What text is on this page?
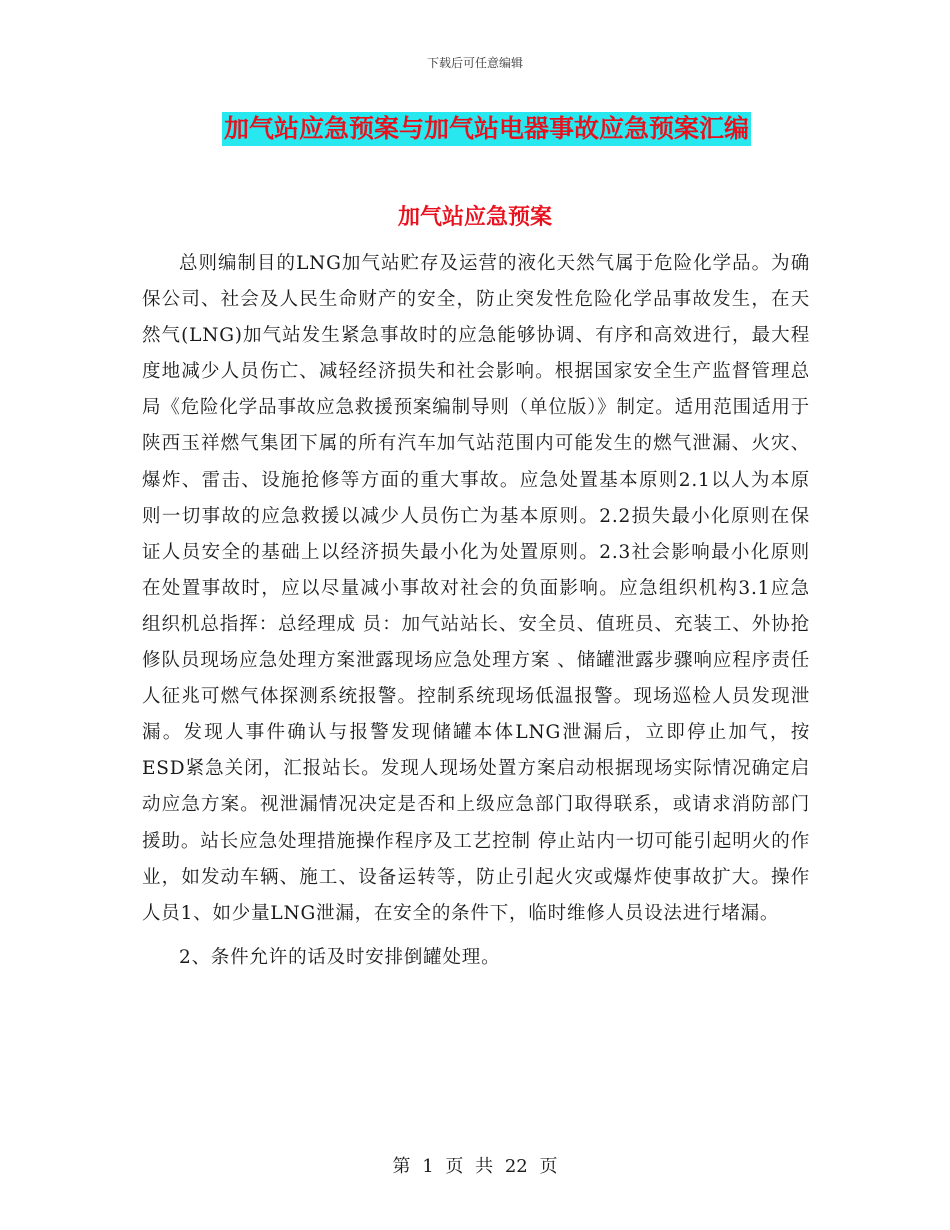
下载后可任意编辑
加气站应急预案与加气站电器事故应急预案汇编
加气站应急预案

总则编制目的LNG加气站贮存及运营的液化天然气属于危险化学品。为确保公司、社会及人民生命财产的安全，防止突发性危险化学品事故发生，在天然气(LNG)加气站发生紧急事故时的应急能够协调、有序和高效进行，最大程度地减少人员伤亡、减轻经济损失和社会影响。根据国家安全生产监督管理总局《危险化学品事故应急救援预案编制导则（单位版）》制定。适用范围适用于陕西玉祥燃气集团下属的所有汽车加气站范围内可能发生的燃气泄漏、火灾、爆炸、雷击、设施抢修等方面的重大事故。应急处置基本原则2.1以人为本原则一切事故的应急救援以减少人员伤亡为基本原则。2.2损失最小化原则在保证人员安全的基础上以经济损失最小化为处置原则。2.3社会影响最小化原则在处置事故时，应以尽量减小事故对社会的负面影响。应急组织机构3.1应急组织机总指挥：总经理成 员：加气站站长、安全员、值班员、充装工、外协抢修队员现场应急处理方案泄露现场应急处理方案 、储罐泄露步骤响应程序责任人征兆可燃气体探测系统报警。控制系统现场低温报警。现场巡检人员发现泄漏。发现人事件确认与报警发现储罐本体LNG泄漏后，立即停止加气，按ESD紧急关闭，汇报站长。发现人现场处置方案启动根据现场实际情况确定启动应急方案。视泄漏情况决定是否和上级应急部门取得联系，或请求消防部门援助。站长应急处理措施操作程序及工艺控制 停止站内一切可能引起明火的作业，如发动车辆、施工、设备运转等，防止引起火灾或爆炸使事故扩大。操作人员1、如少量LNG泄漏，在安全的条件下，临时维修人员设法进行堵漏。

2、条件允许的话及时安排倒罐处理。

第 1 页 共 22 页
